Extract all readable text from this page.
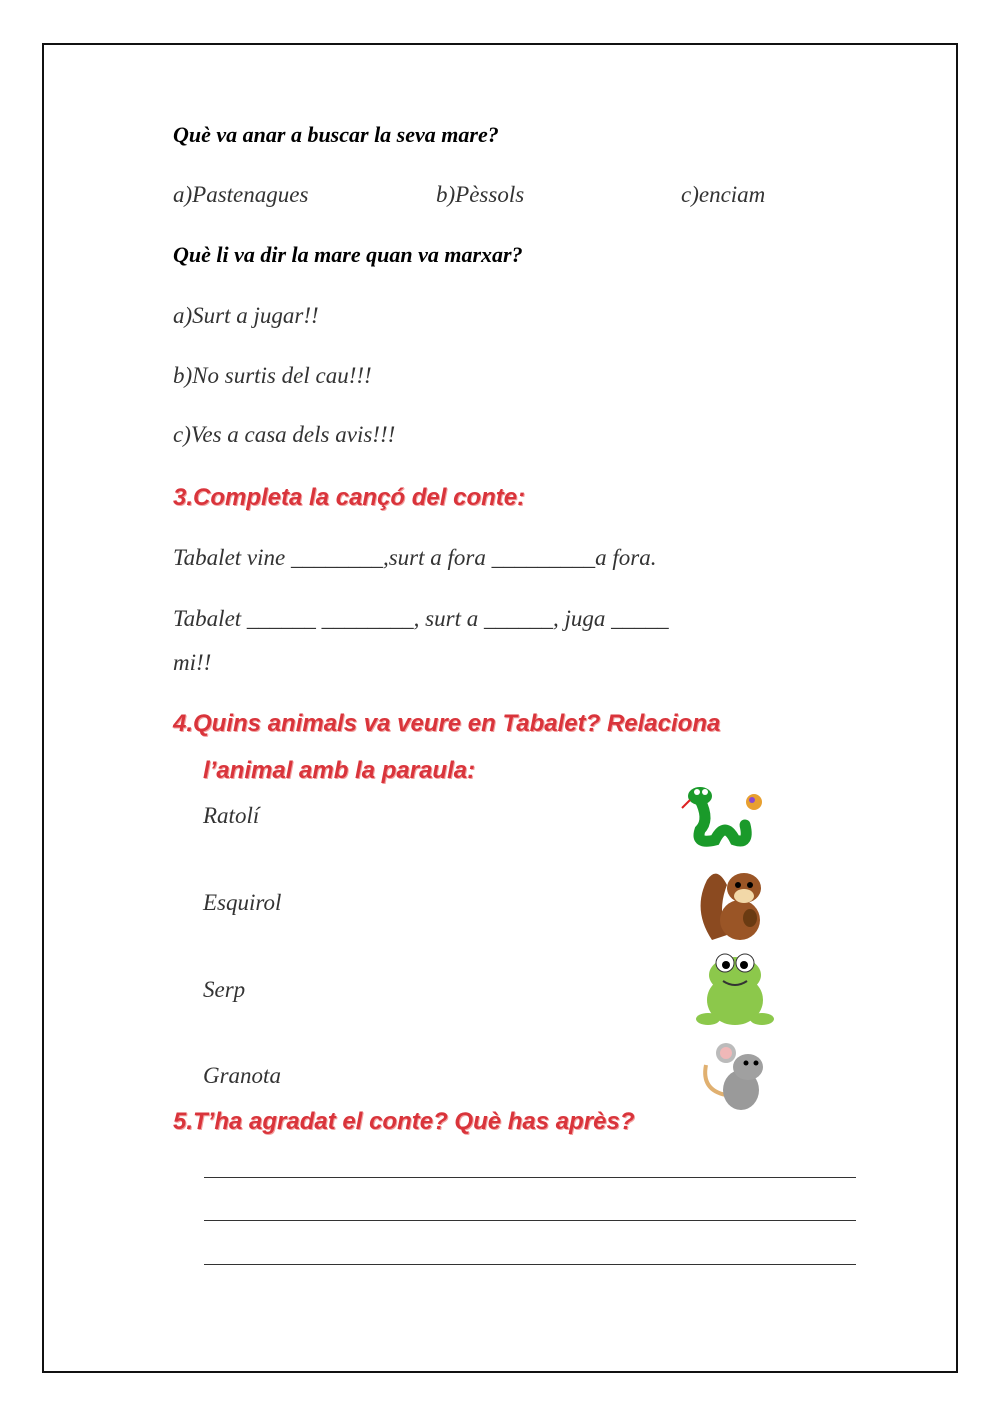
Què va anar a buscar la seva mare?
a)Pastenagues	b)Pèssols	c)enciam
Què li va dir la mare quan va marxar?
a)Surt a jugar!!
b)No surtis del cau!!!
c)Ves a casa dels avis!!!
3.Completa la cançó del conte:
Tabalet vine ________,surt a fora _________a fora.
Tabalet ______ ________, surt a ______, juga _____
mi!!
4.Quins animals va veure en Tabalet? Relaciona
l’animal amb la paraula:
Ratolí
Esquirol
Serp
Granota
5.T’ha agradat el conte? Què has après?
